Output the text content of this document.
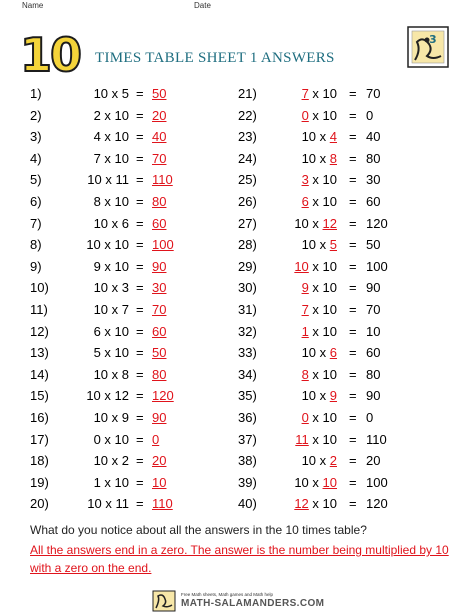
Name	Date
10 TIMES TABLE SHEET 1 ANSWERS
3
1)	10 x 5 = 50
2)	2 x 10 = 20
3)	4 x 10 = 40
4)	7 x 10 = 70
5)	10 x 11 = 110
6)	8 x 10 = 80
7)	10 x 6 = 60
8)	10 x 10 = 100
9)	9 x 10 = 90
10)	10 x 3 = 30
11)	10 x 7 = 70
12)	6 x 10 = 60
13)	5 x 10 = 50
14)	10 x 8 = 80
15)	10 x 12 = 120
16)	10 x 9 = 90
17)	0 x 10 = 0
18)	10 x 2 = 20
19)	1 x 10 = 10
20)	10 x 11 = 110
21)	7 x 10 = 70
22)	0 x 10 = 0
23)	10 x 4 = 40
24)	10 x 8 = 80
25)	3 x 10 = 30
26)	6 x 10 = 60
27)	10 x 12 = 120
28)	10 x 5 = 50
29)	10 x 10 = 100
30)	9 x 10 = 90
31)	7 x 10 = 70
32)	1 x 10 = 10
33)	10 x 6 = 60
34)	8 x 10 = 80
35)	10 x 9 = 90
36)	0 x 10 = 0
37)	11 x 10 = 110
38)	10 x 2 = 20
39)	10 x 10 = 100
40)	12 x 10 = 120
What do you notice about all the answers in the 10 times table?
All the answers end in a zero. The answer is the number being multiplied by 10
with a zero on the end.
Free Math sheets, Math games and Math help
MATH-SALAMANDERS.COM
